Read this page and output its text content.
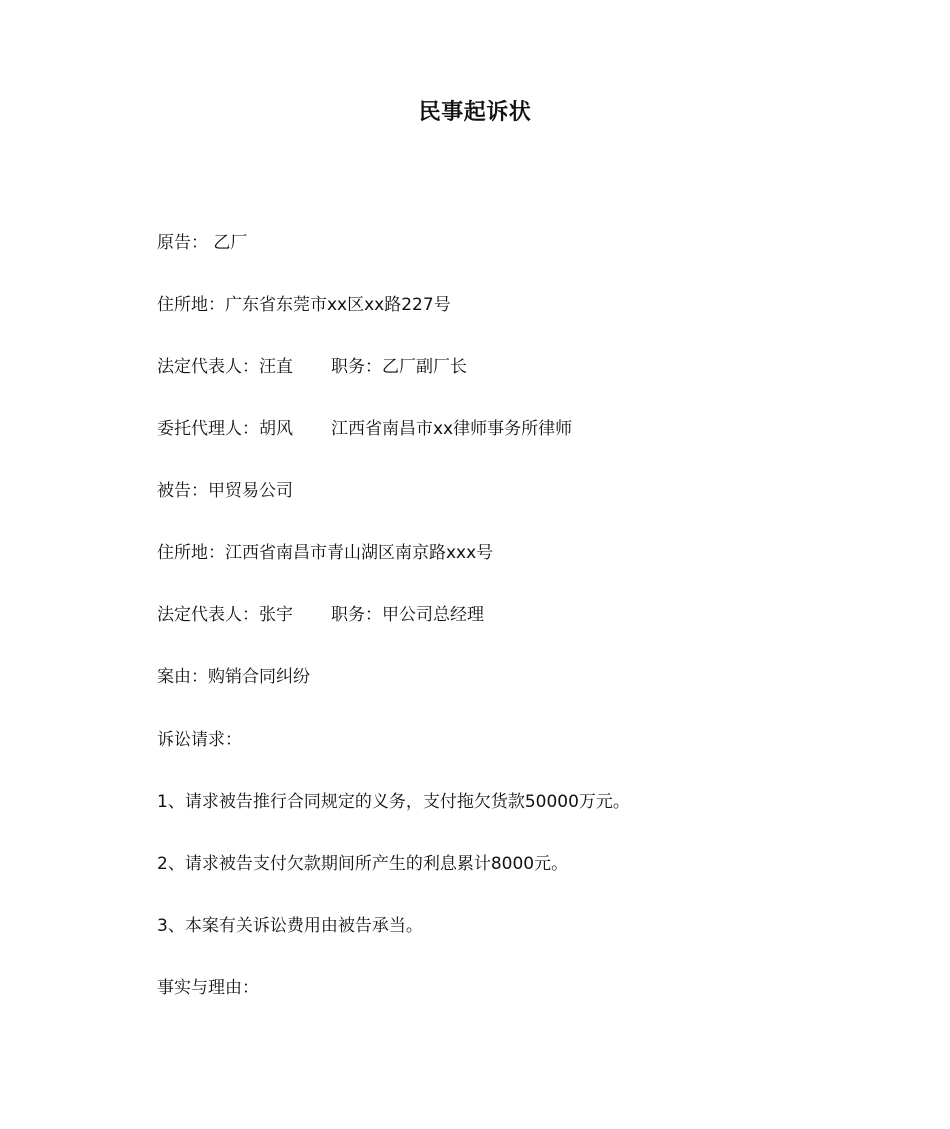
民事起诉状
原告： 乙厂
住所地：广东省东莞市xx区xx路227号
法定代表人：汪直 职务：乙厂副厂长
委托代理人：胡风 江西省南昌市xx律师事务所律师
被告：甲贸易公司
住所地：江西省南昌市青山湖区南京路xxx号
法定代表人：张宇 职务：甲公司总经理
案由：购销合同纠纷
诉讼请求：
1、请求被告推行合同规定的义务，支付拖欠货款50000万元。
2、请求被告支付欠款期间所产生的利息累计8000元。
3、本案有关诉讼费用由被告承当。
事实与理由：
